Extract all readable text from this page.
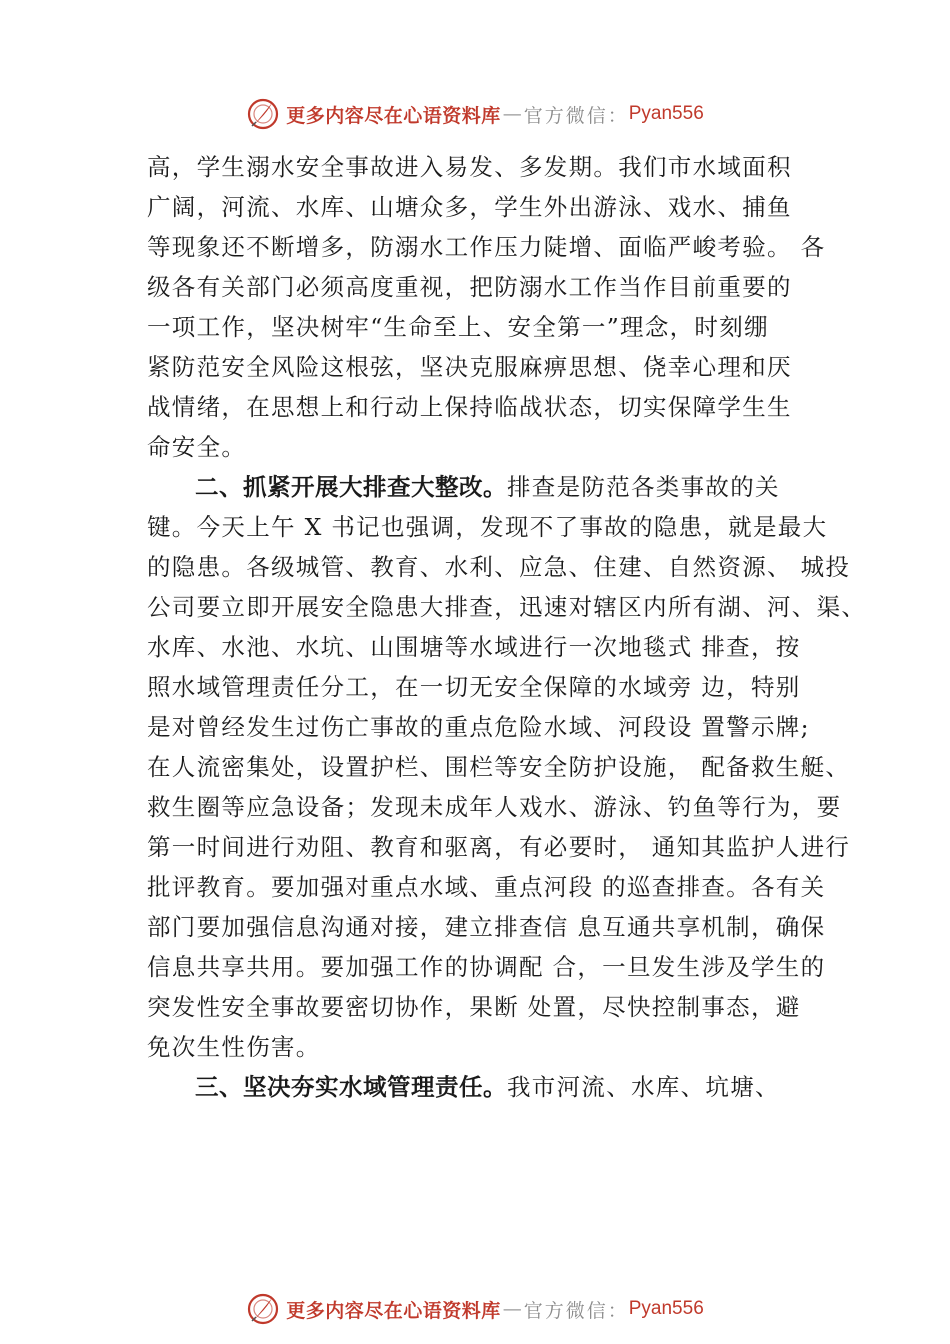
更多内容尽在心语资料库 — 官方微信： Pyan556
高，学生溺水安全事故进入易发、多发期。我们市水域面积
广阔，河流、水库、山塘众多，学生外出游泳、戏水、捕鱼
等现象还不断增多，防溺水工作压力陡增、面临严峻考验。 各
级各有关部门必须高度重视，把防溺水工作当作目前重要的
一项工作，坚决树牢“生命至上、安全第一”理念，时刻绷
紧防范安全风险这根弦，坚决克服麻痹思想、侥幸心理和厌
战情绪，在思想上和行动上保持临战状态，切实保障学生生
命安全。
二、抓紧开展大排查大整改。排查是防范各类事故的关
键。今天上午 X 书记也强调，发现不了事故的隐患，就是最大
的隐患。各级城管、教育、水利、应急、住建、自然资源、 城投
公司要立即开展安全隐患大排查，迅速对辖区内所有湖、河、渠、
水库、水池、水坑、山围塘等水域进行一次地毯式 排查，按
照水域管理责任分工，在一切无安全保障的水域旁 边，特别
是对曾经发生过伤亡事故的重点危险水域、河段设 置警示牌;
在人流密集处，设置护栏、围栏等安全防护设施， 配备救生艇、
救生圈等应急设备；发现未成年人戏水、游泳、钓鱼等行为，要
第一时间进行劝阻、教育和驱离，有必要时， 通知其监护人进行
批评教育。要加强对重点水域、重点河段 的巡查排查。各有关
部门要加强信息沟通对接，建立排查信 息互通共享机制，确保
信息共享共用。要加强工作的协调配 合，一旦发生涉及学生的
突发性安全事故要密切协作，果断 处置，尽快控制事态，避
免次生性伤害。
三、坚决夯实水域管理责任。我市河流、水库、坑塘、
更多内容尽在心语资料库 — 官方微信： Pyan556
